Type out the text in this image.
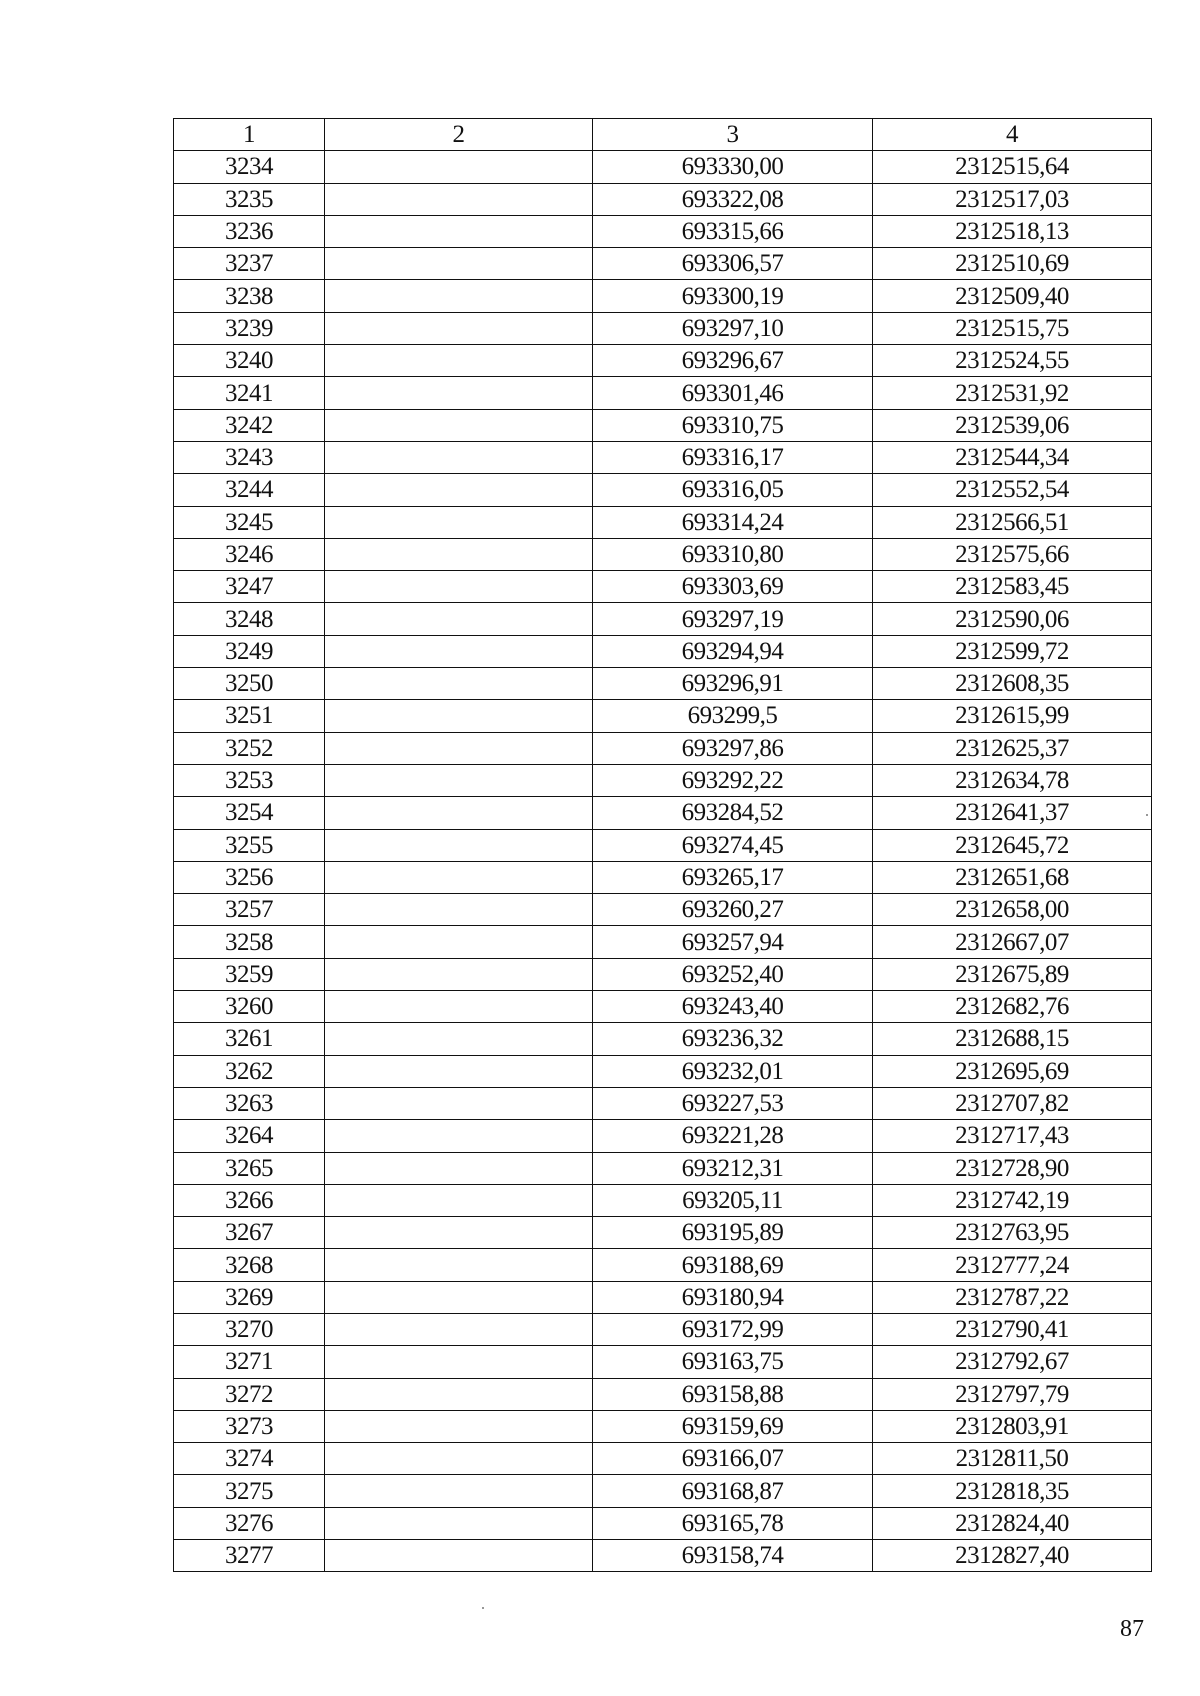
1	2	3	4
3234		693330,00	2312515,64
3235		693322,08	2312517,03
3236		693315,66	2312518,13
3237		693306,57	2312510,69
3238		693300,19	2312509,40
3239		693297,10	2312515,75
3240		693296,67	2312524,55
3241		693301,46	2312531,92
3242		693310,75	2312539,06
3243		693316,17	2312544,34
3244		693316,05	2312552,54
3245		693314,24	2312566,51
3246		693310,80	2312575,66
3247		693303,69	2312583,45
3248		693297,19	2312590,06
3249		693294,94	2312599,72
3250		693296,91	2312608,35
3251		693299,5	2312615,99
3252		693297,86	2312625,37
3253		693292,22	2312634,78
3254		693284,52	2312641,37
3255		693274,45	2312645,72
3256		693265,17	2312651,68
3257		693260,27	2312658,00
3258		693257,94	2312667,07
3259		693252,40	2312675,89
3260		693243,40	2312682,76
3261		693236,32	2312688,15
3262		693232,01	2312695,69
3263		693227,53	2312707,82
3264		693221,28	2312717,43
3265		693212,31	2312728,90
3266		693205,11	2312742,19
3267		693195,89	2312763,95
3268		693188,69	2312777,24
3269		693180,94	2312787,22
3270		693172,99	2312790,41
3271		693163,75	2312792,67
3272		693158,88	2312797,79
3273		693159,69	2312803,91
3274		693166,07	2312811,50
3275		693168,87	2312818,35
3276		693165,78	2312824,40
3277		693158,74	2312827,40
87
